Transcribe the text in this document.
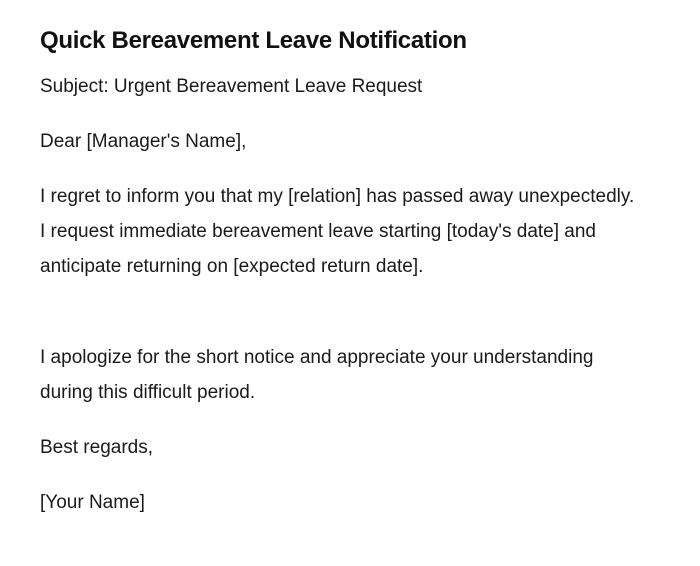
Quick Bereavement Leave Notification

Subject: Urgent Bereavement Leave Request

Dear [Manager's Name],

I regret to inform you that my [relation] has passed away unexpectedly. I request immediate bereavement leave starting [today's date] and anticipate returning on [expected return date].

I apologize for the short notice and appreciate your understanding during this difficult period.

Best regards,

[Your Name]
